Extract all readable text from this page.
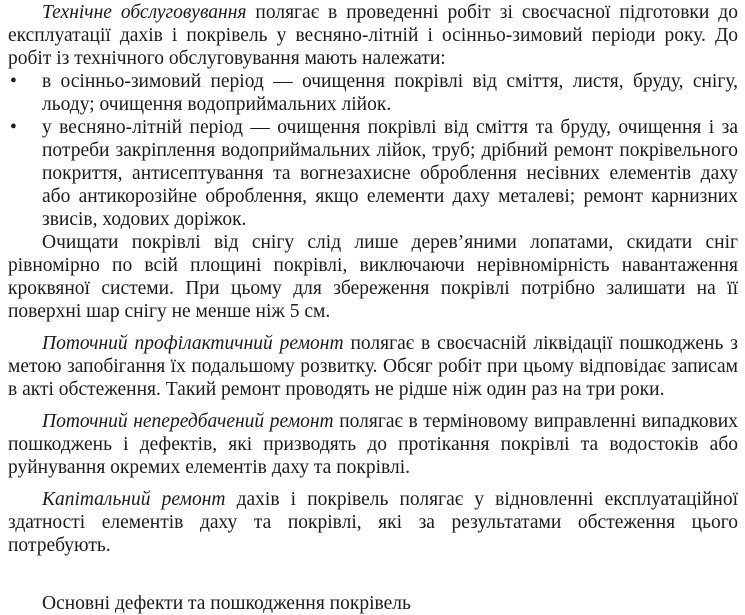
Технічне обслуговування полягає в проведенні робіт зі своєчасної підготовки до експлуатації дахів і покрівель у весняно-літній і осінньо-зимовий періоди року. До робіт із технічного обслуговування мають належати:

• в осінньо-зимовий період — очищення покрівлі від сміття, листя, бруду, снігу, льоду; очищення водоприймальних лійок.
• у весняно-літній період — очищення покрівлі від сміття та бруду, очищення і за потреби закріплення водоприймальних лійок, труб; дрібний ремонт покрівельного покриття, антисептування та вогнезахисне оброблення несівних елементів даху або антикорозійне оброблення, якщо елементи даху металеві; ремонт карнизних звисів, ходових доріжок.

Очищати покрівлі від снігу слід лише дерев’яними лопатами, скидати сніг рівномірно по всій площині покрівлі, виключаючи нерівномірність навантаження кроквяної системи. При цьому для збереження покрівлі потрібно залишати на її поверхні шар снігу не менше ніж 5 см.

Поточний профілактичний ремонт полягає в своєчасній ліквідації пошкоджень з метою запобігання їх подальшому розвитку. Обсяг робіт при цьому відповідає записам в акті обстеження. Такий ремонт проводять не рідше ніж один раз на три роки.

Поточний непередбачений ремонт полягає в терміновому виправленні випадкових пошкоджень і дефектів, які призводять до протікання покрівлі та водостоків або руйнування окремих елементів даху та покрівлі.

Капітальний ремонт дахів і покрівель полягає у відновленні експлуатаційної здатності елементів даху та покрівлі, які за результатами обстеження цього потребують.

Основні дефекти та пошкодження покрівель
